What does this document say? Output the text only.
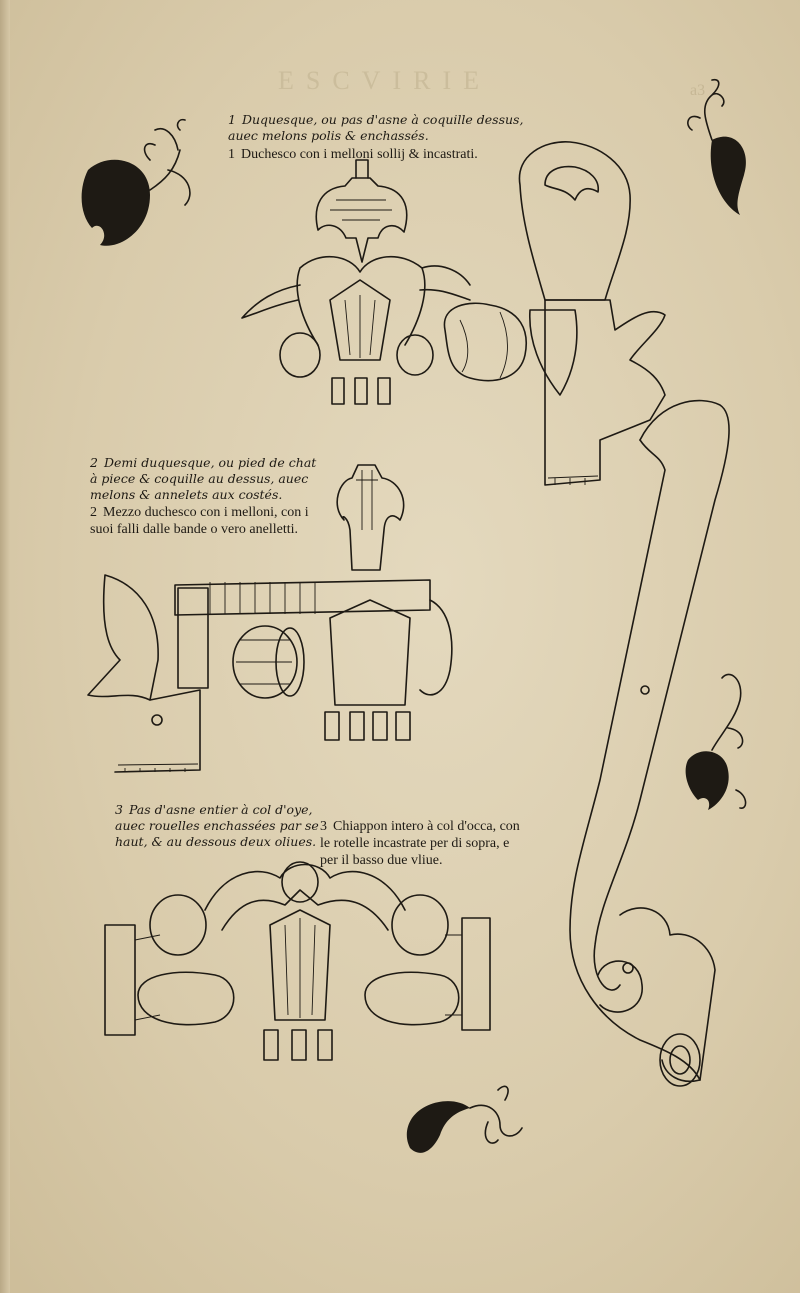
ESCVIRIE	a3
1 Duquesque, ou pas d'asne à coquille dessus, auec melons polis & enchassés.
1 Duchesco con i melloni sollij & incastrati.
2 Demi duquesque, ou pied de chat à piece & coquille au dessus, auec melons & annelets aux costés.
2 Mezzo duchesco con i melloni, con i suoi falli dalle bande o vero anelletti.
3 Pas d'asne entier à col d'oye, auec rouelles enchassées par se haut, & au dessous deux oliues.
3 Chiappon intero à col d'occa, con le rotelle incastrate per di sopra, e per il basso due vliue.
